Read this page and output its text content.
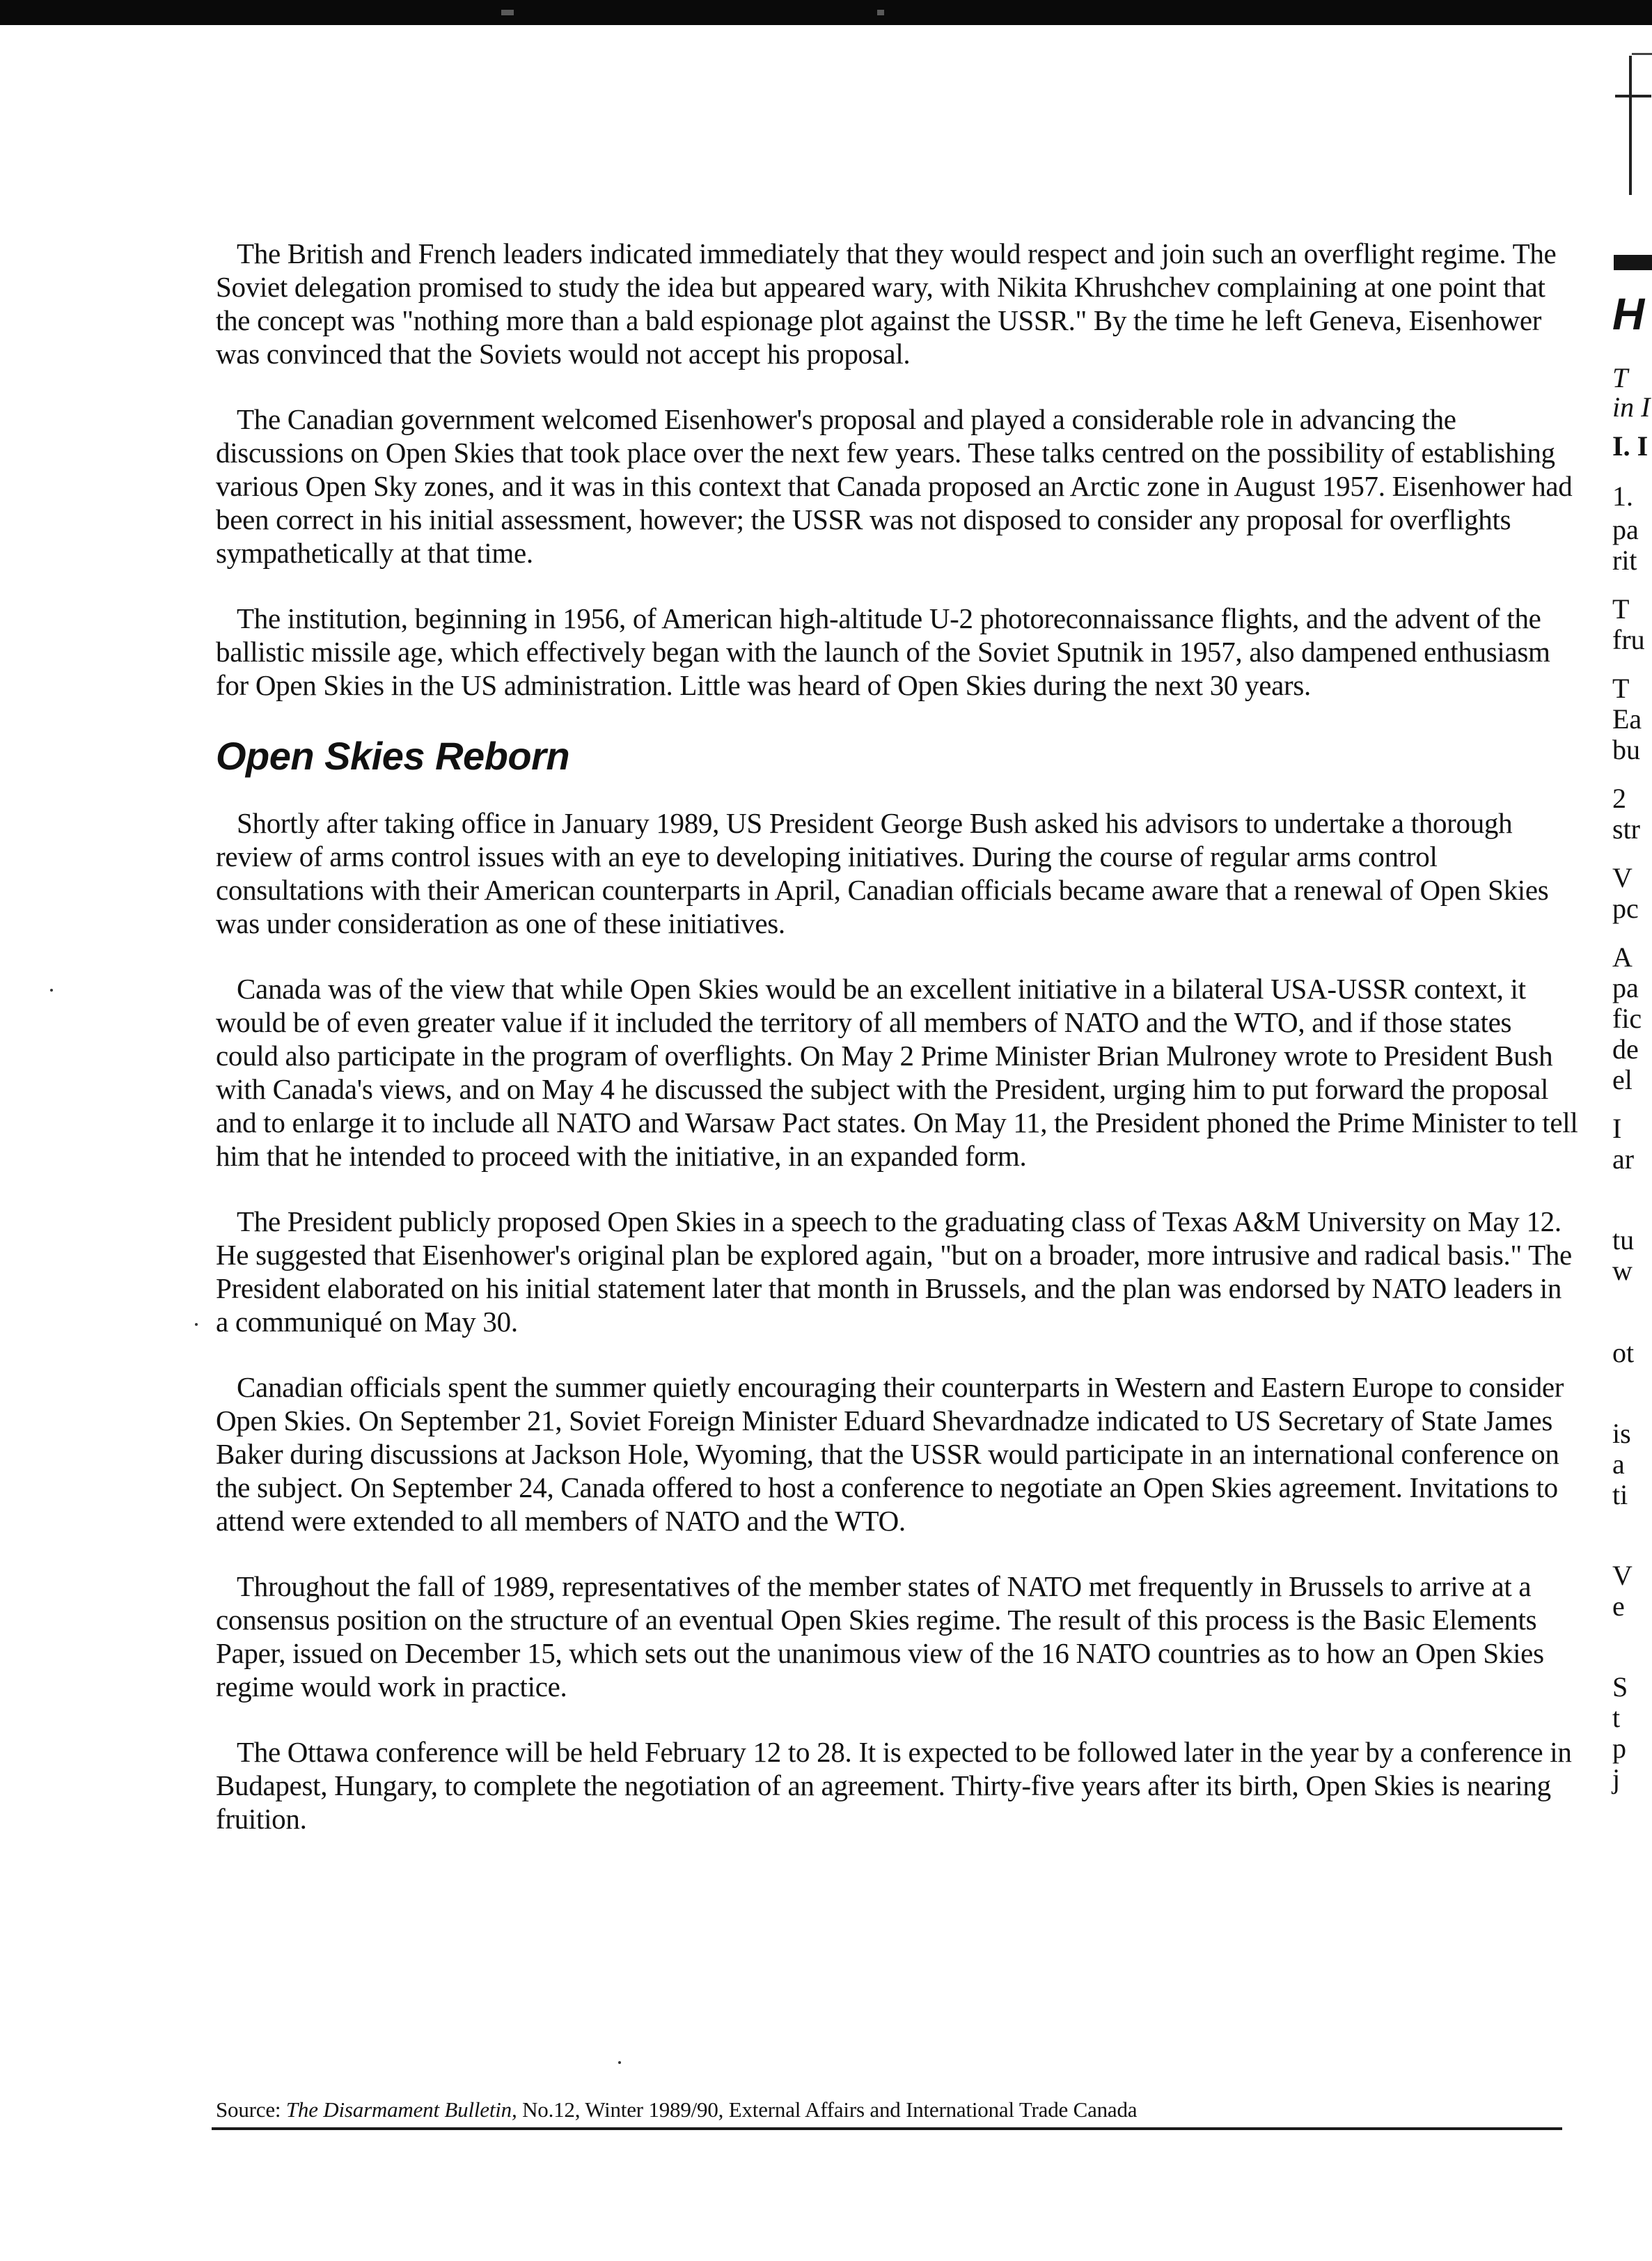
The British and French leaders indicated immediately that they would respect and join such an overflight regime. The Soviet delegation promised to study the idea but appeared wary, with Nikita Khrushchev complaining at one point that the concept was "nothing more than a bald espionage plot against the USSR." By the time he left Geneva, Eisenhower was convinced that the Soviets would not accept his proposal.

The Canadian government welcomed Eisenhower's proposal and played a considerable role in advancing the discussions on Open Skies that took place over the next few years. These talks centred on the possibility of establishing various Open Sky zones, and it was in this context that Canada proposed an Arctic zone in August 1957. Eisenhower had been correct in his initial assessment, however; the USSR was not disposed to consider any proposal for overflights sympathetically at that time.

The institution, beginning in 1956, of American high-altitude U-2 photoreconnaissance flights, and the advent of the ballistic missile age, which effectively began with the launch of the Soviet Sputnik in 1957, also dampened enthusiasm for Open Skies in the US administration. Little was heard of Open Skies during the next 30 years.

Open Skies Reborn

Shortly after taking office in January 1989, US President George Bush asked his advisors to undertake a thorough review of arms control issues with an eye to developing initiatives. During the course of regular arms control consultations with their American counterparts in April, Canadian officials became aware that a renewal of Open Skies was under consideration as one of these initiatives.

Canada was of the view that while Open Skies would be an excellent initiative in a bilateral USA-USSR context, it would be of even greater value if it included the territory of all members of NATO and the WTO, and if those states could also participate in the program of overflights. On May 2 Prime Minister Brian Mulroney wrote to President Bush with Canada's views, and on May 4 he discussed the subject with the President, urging him to put forward the proposal and to enlarge it to include all NATO and Warsaw Pact states. On May 11, the President phoned the Prime Minister to tell him that he intended to proceed with the initiative, in an expanded form.

The President publicly proposed Open Skies in a speech to the graduating class of Texas A&M University on May 12. He suggested that Eisenhower's original plan be explored again, "but on a broader, more intrusive and radical basis." The President elaborated on his initial statement later that month in Brussels, and the plan was endorsed by NATO leaders in a communiqué on May 30.

Canadian officials spent the summer quietly encouraging their counterparts in Western and Eastern Europe to consider Open Skies. On September 21, Soviet Foreign Minister Eduard Shevardnadze indicated to US Secretary of State James Baker during discussions at Jackson Hole, Wyoming, that the USSR would participate in an international conference on the subject. On September 24, Canada offered to host a conference to negotiate an Open Skies agreement. Invitations to attend were extended to all members of NATO and the WTO.

Throughout the fall of 1989, representatives of the member states of NATO met frequently in Brussels to arrive at a consensus position on the structure of an eventual Open Skies regime. The result of this process is the Basic Elements Paper, issued on December 15, which sets out the unanimous view of the 16 NATO countries as to how an Open Skies regime would work in practice.

The Ottawa conference will be held February 12 to 28. It is expected to be followed later in the year by a conference in Budapest, Hungary, to complete the negotiation of an agreement. Thirty-five years after its birth, Open Skies is nearing fruition.

Source: The Disarmament Bulletin, No.12, Winter 1989/90, External Affairs and International Trade Canada
H
T
in I
I. I
1.
pa
rit
T
fru
T
Ea
bu
2
str
V
pc
A
pa
fic
de
el
I
ar
tu
w
ot
is
a
ti
V
e
S
t
p
j
